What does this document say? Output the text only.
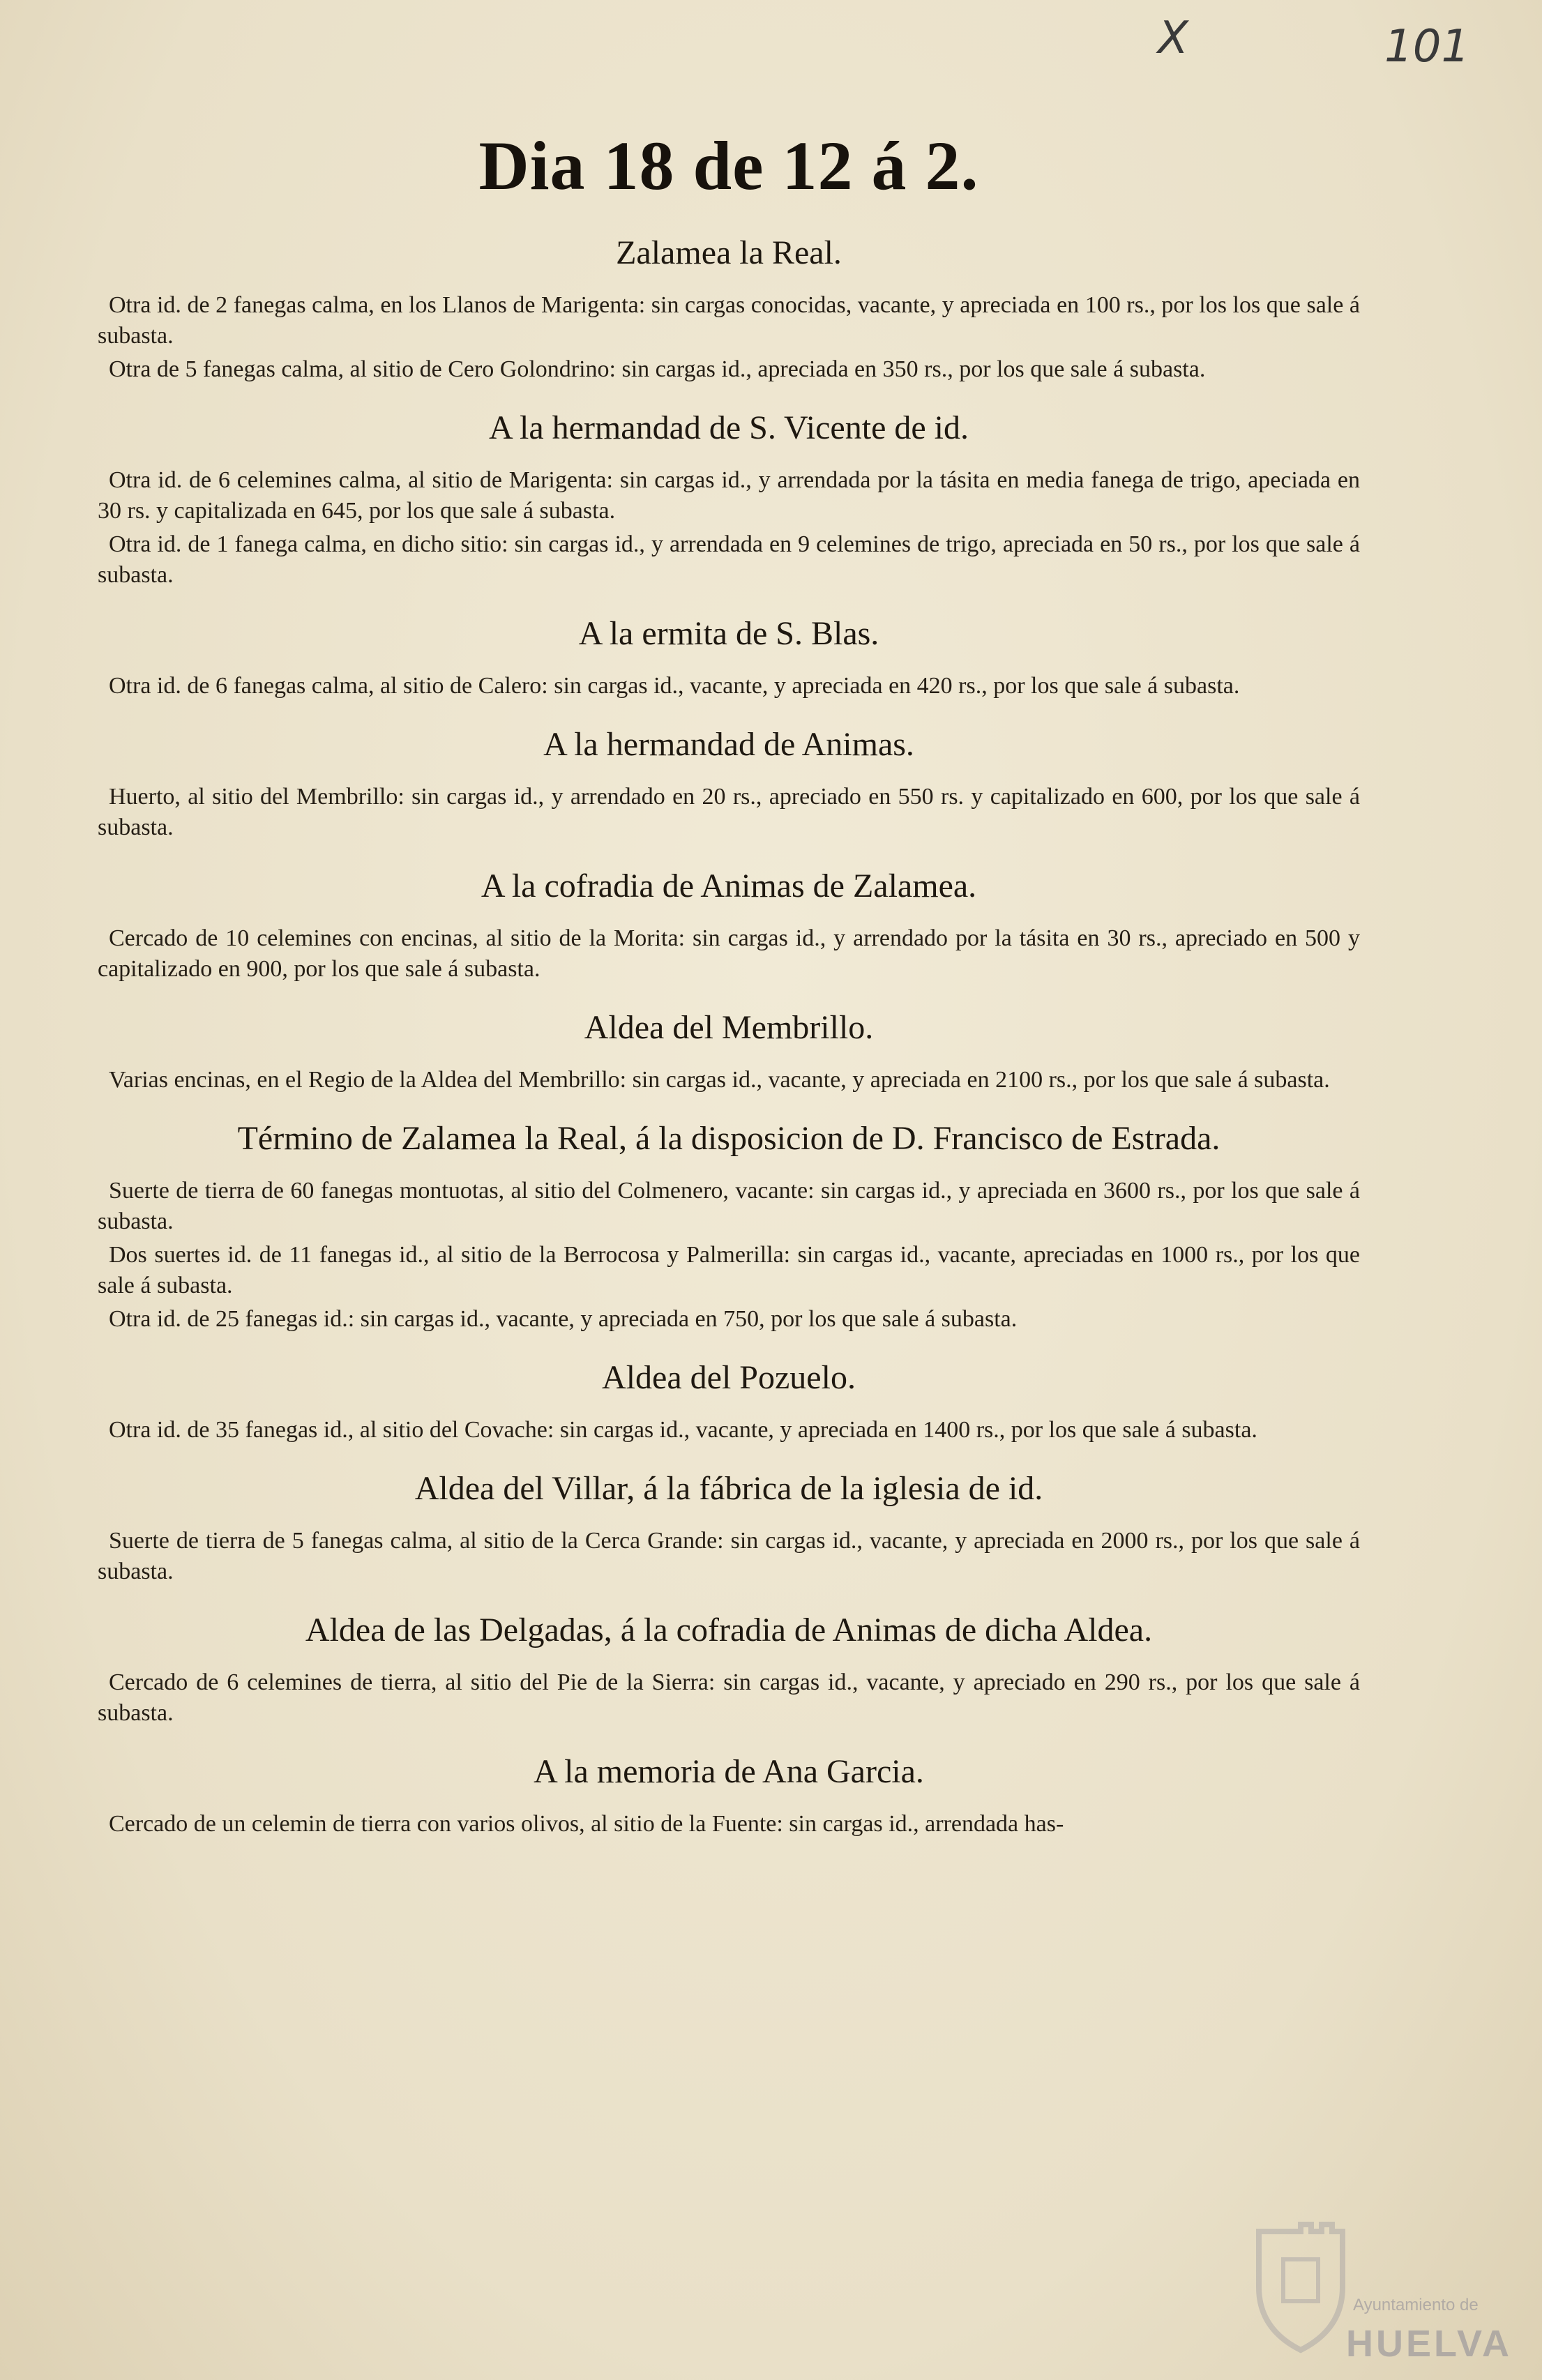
X	101
Dia 18 de 12 á 2.
Zalamea la Real.

Otra id. de 2 fanegas calma, en los Llanos de Marigenta: sin cargas conocidas, vacante, y apreciada en 100 rs., por los los que sale á subasta.

Otra de 5 fanegas calma, al sitio de Cero Golondrino: sin cargas id., apreciada en 350 rs., por los que sale á subasta.

A la hermandad de S. Vicente de id.

Otra id. de 6 celemines calma, al sitio de Marigenta: sin cargas id., y arrendada por la tásita en media fanega de trigo, apeciada en 30 rs. y capitalizada en 645, por los que sale á subasta.

Otra id. de 1 fanega calma, en dicho sitio: sin cargas id., y arrendada en 9 celemines de trigo, apreciada en 50 rs., por los que sale á subasta.

A la ermita de S. Blas.

Otra id. de 6 fanegas calma, al sitio de Calero: sin cargas id., vacante, y apreciada en 420 rs., por los que sale á subasta.

A la hermandad de Animas.

Huerto, al sitio del Membrillo: sin cargas id., y arrendado en 20 rs., apreciado en 550 rs. y capitalizado en 600, por los que sale á subasta.

A la cofradia de Animas de Zalamea.

Cercado de 10 celemines con encinas, al sitio de la Morita: sin cargas id., y arrendado por la tásita en 30 rs., apreciado en 500 y capitalizado en 900, por los que sale á subasta.

Aldea del Membrillo.

Varias encinas, en el Regio de la Aldea del Membrillo: sin cargas id., vacante, y apreciada en 2100 rs., por los que sale á subasta.

Término de Zalamea la Real, á la disposicion de D. Francisco de Estrada.

Suerte de tierra de 60 fanegas montuotas, al sitio del Colmenero, vacante: sin cargas id., y apreciada en 3600 rs., por los que sale á subasta.

Dos suertes id. de 11 fanegas id., al sitio de la Berrocosa y Palmerilla: sin cargas id., vacante, apreciadas en 1000 rs., por los que sale á subasta.

Otra id. de 25 fanegas id.: sin cargas id., vacante, y apreciada en 750, por los que sale á subasta.

Aldea del Pozuelo.

Otra id. de 35 fanegas id., al sitio del Covache: sin cargas id., vacante, y apreciada en 1400 rs., por los que sale á subasta.

Aldea del Villar, á la fábrica de la iglesia de id.

Suerte de tierra de 5 fanegas calma, al sitio de la Cerca Grande: sin cargas id., vacante, y apreciada en 2000 rs., por los que sale á subasta.

Aldea de las Delgadas, á la cofradia de Animas de dicha Aldea.

Cercado de 6 celemines de tierra, al sitio del Pie de la Sierra: sin cargas id., vacante, y apreciado en 290 rs., por los que sale á subasta.

A la memoria de Ana Garcia.

Cercado de un celemin de tierra con varios olivos, al sitio de la Fuente: sin cargas id., arrendada has-

Ayuntamiento de
HUELVA
